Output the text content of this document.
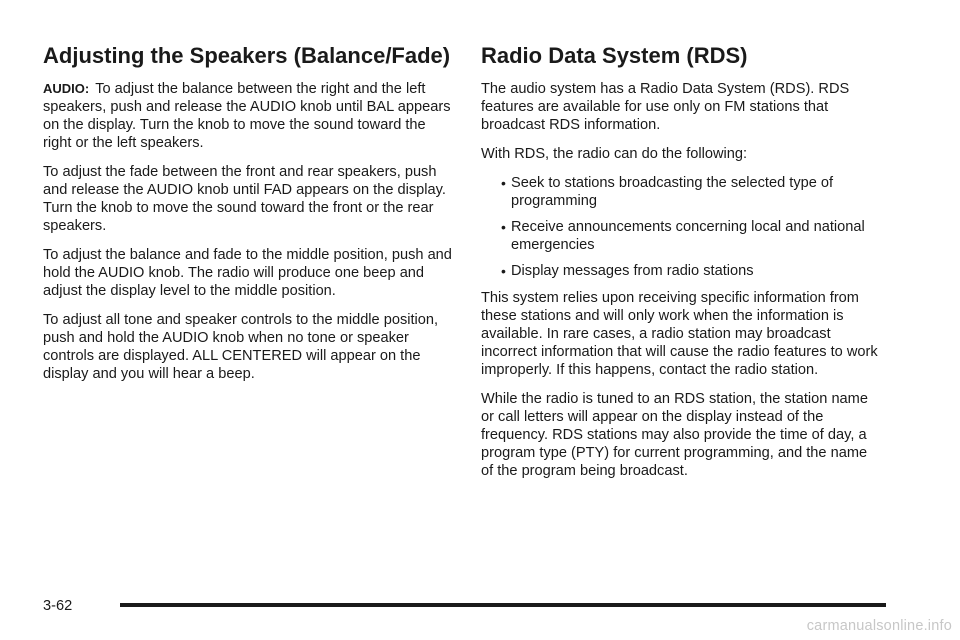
Adjusting the Speakers (Balance/Fade)

AUDIO: To adjust the balance between the right and the left speakers, push and release the AUDIO knob until BAL appears on the display. Turn the knob to move the sound toward the right or the left speakers.

To adjust the fade between the front and rear speakers, push and release the AUDIO knob until FAD appears on the display. Turn the knob to move the sound toward the front or the rear speakers.

To adjust the balance and fade to the middle position, push and hold the AUDIO knob. The radio will produce one beep and adjust the display level to the middle position.

To adjust all tone and speaker controls to the middle position, push and hold the AUDIO knob when no tone or speaker controls are displayed. ALL CENTERED will appear on the display and you will hear a beep.

Radio Data System (RDS)

The audio system has a Radio Data System (RDS). RDS features are available for use only on FM stations that broadcast RDS information.

With RDS, the radio can do the following:

• Seek to stations broadcasting the selected type of programming
• Receive announcements concerning local and national emergencies
• Display messages from radio stations

This system relies upon receiving specific information from these stations and will only work when the information is available. In rare cases, a radio station may broadcast incorrect information that will cause the radio features to work improperly. If this happens, contact the radio station.

While the radio is tuned to an RDS station, the station name or call letters will appear on the display instead of the frequency. RDS stations may also provide the time of day, a program type (PTY) for current programming, and the name of the program being broadcast.

3-62
carmanualsonline.info
